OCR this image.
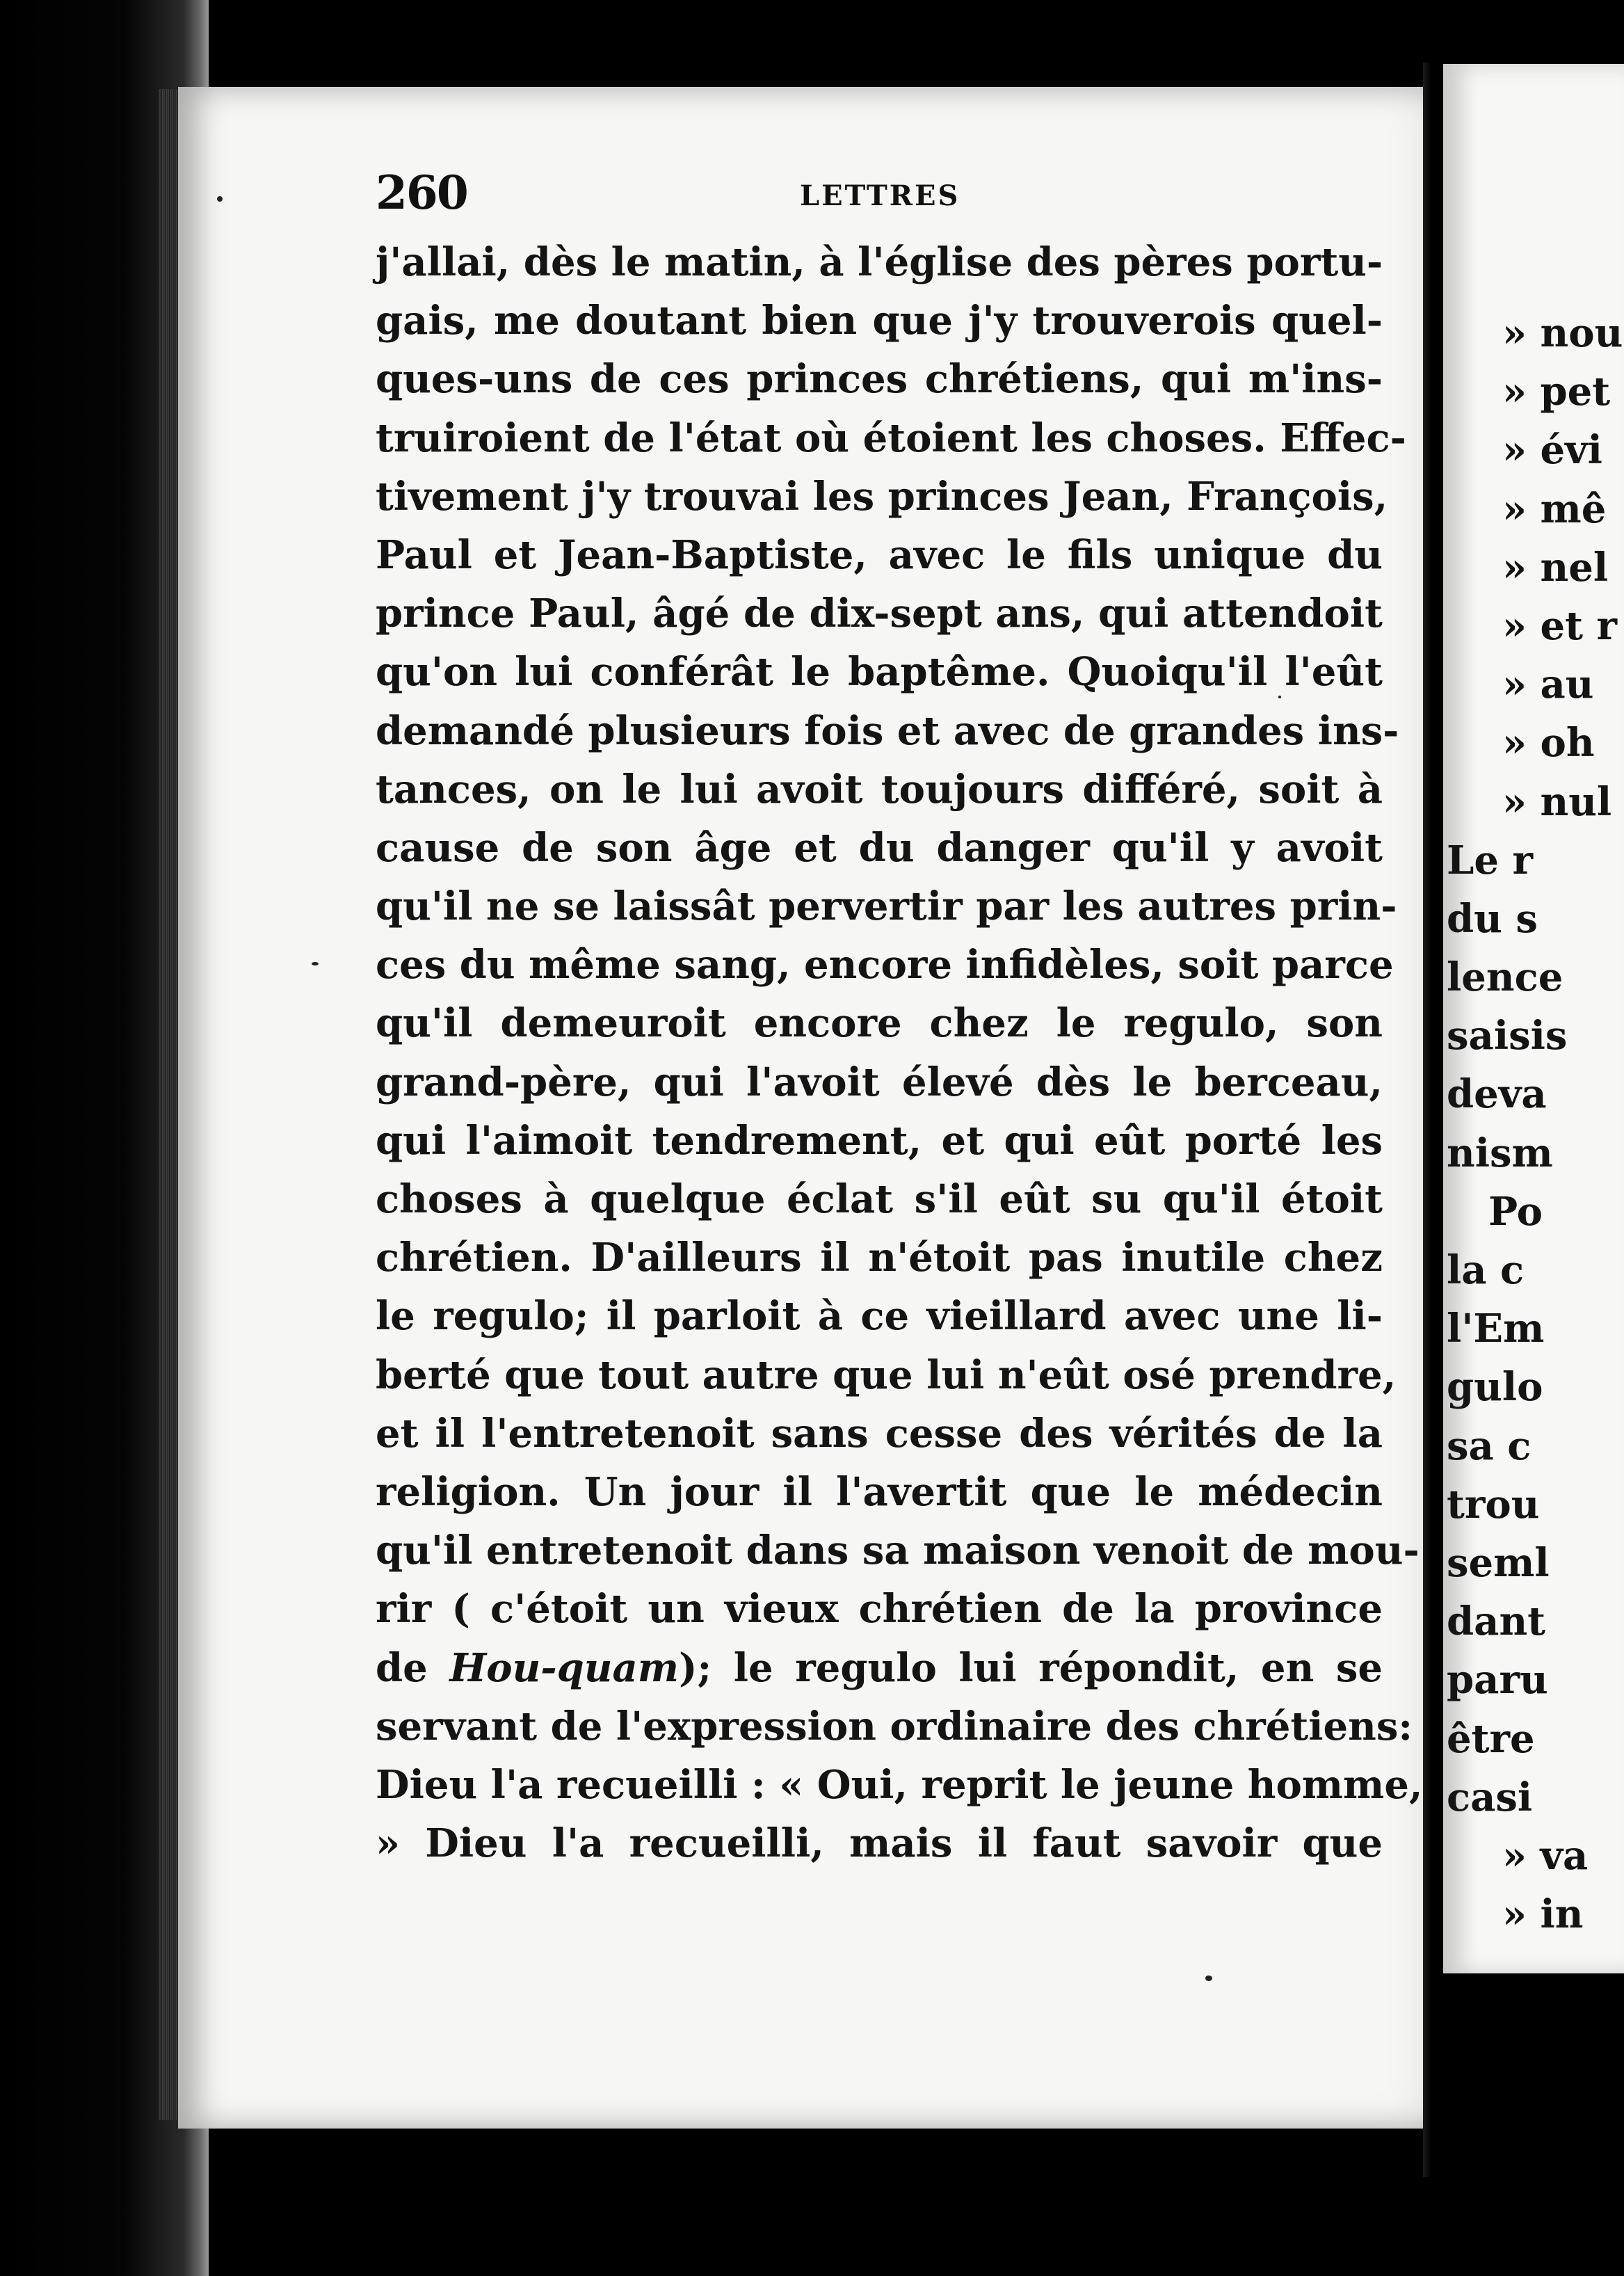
260	LETTRES
j'allai, dès le matin, à l'église des pères portu-
gais, me doutant bien que j'y trouverois quel-
ques-uns de ces princes chrétiens, qui m'ins-
truiroient de l'état où étoient les choses. Effec-
tivement j'y trouvai les princes Jean, François,
Paul et Jean-Baptiste, avec le fils unique du
prince Paul, âgé de dix-sept ans, qui attendoit
qu'on lui conférât le baptême. Quoiqu'il l'eût
demandé plusieurs fois et avec de grandes ins-
tances, on le lui avoit toujours différé, soit à
cause de son âge et du danger qu'il y avoit
qu'il ne se laissât pervertir par les autres prin-
ces du même sang, encore infidèles, soit parce
qu'il demeuroit encore chez le regulo, son
grand-père, qui l'avoit élevé dès le berceau,
qui l'aimoit tendrement, et qui eût porté les
choses à quelque éclat s'il eût su qu'il étoit
chrétien. D'ailleurs il n'étoit pas inutile chez
le regulo; il parloit à ce vieillard avec une li-
berté que tout autre que lui n'eût osé prendre,
et il l'entretenoit sans cesse des vérités de la
religion. Un jour il l'avertit que le médecin
qu'il entretenoit dans sa maison venoit de mou-
rir ( c'étoit un vieux chrétien de la province
de Hou-quam); le regulo lui répondit, en se
servant de l'expression ordinaire des chrétiens:
Dieu l'a recueilli : « Oui, reprit le jeune homme,
» Dieu l'a recueilli, mais il faut savoir que
» nou
» pet
» évi
» mê
» nel
» et r
» au
» oh
» nul
Le r
du s
lence
saisis
deva
nism
Po
la c
l'Em
gulo
sa c
trou
seml
dant
paru
être
casi
» va
» in
